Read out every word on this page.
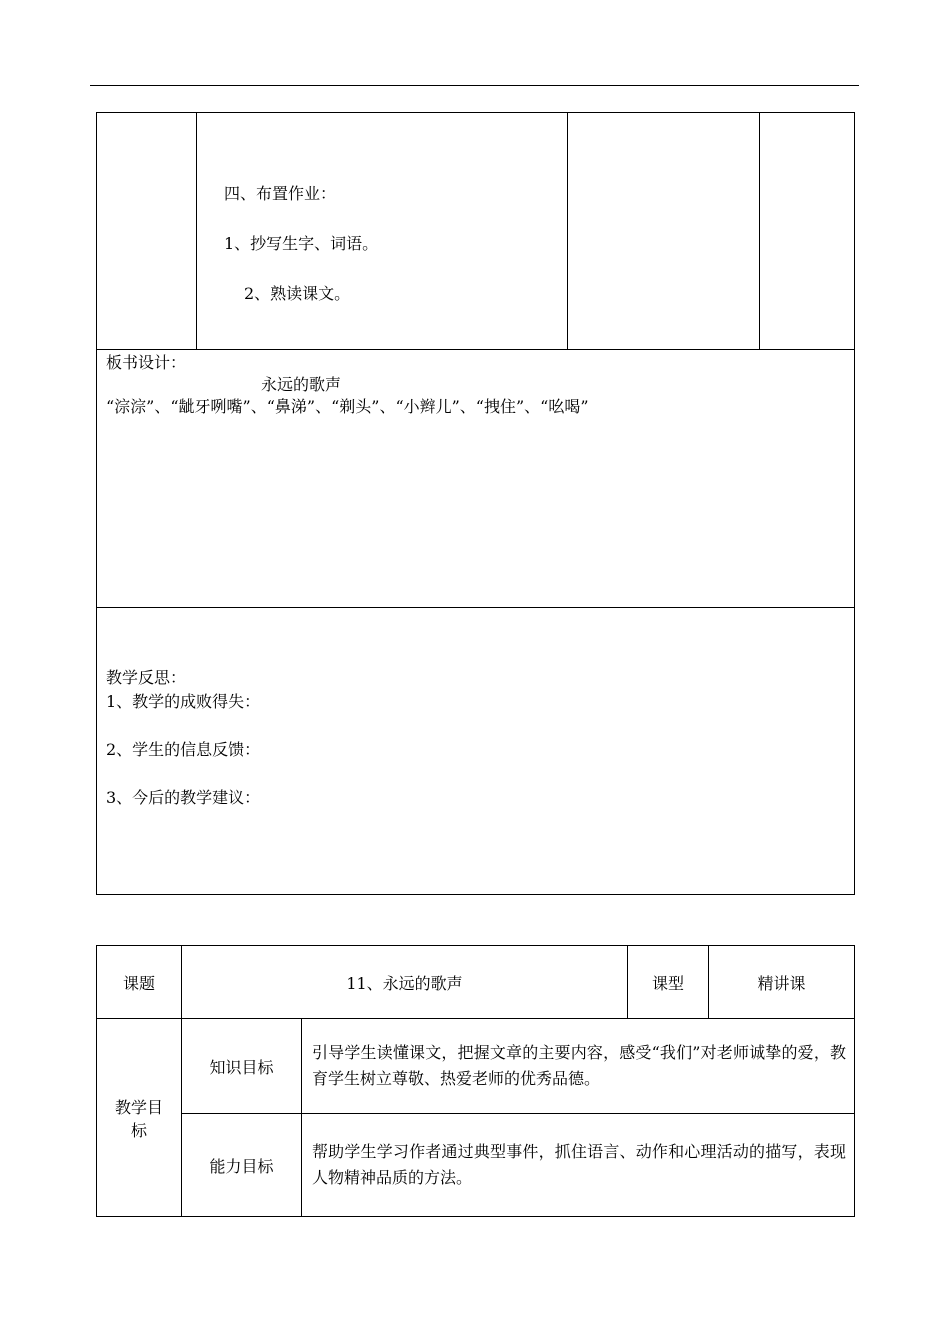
四、布置作业：
1、抄写生字、词语。
2、熟读课文。

板书设计：
永远的歌声
“淙淙”、“龇牙咧嘴”、“鼻涕”、“剃头”、“小辫儿”、“拽住”、“吆喝”

教学反思：
1、教学的成败得失：
2、学生的信息反馈：
3、今后的教学建议：
课题	11、永远的歌声		课型	精讲课

教学目
标	知识目标	引导学生读懂课文，把握文章的主要内容，感受“我们”对老师诚挚的爱，教育学生树立尊敬、热爱老师的优秀品德。		

	能力目标	帮助学生学习作者通过典型事件，抓住语言、动作和心理活动的描写，表现人物精神品质的方法。		
